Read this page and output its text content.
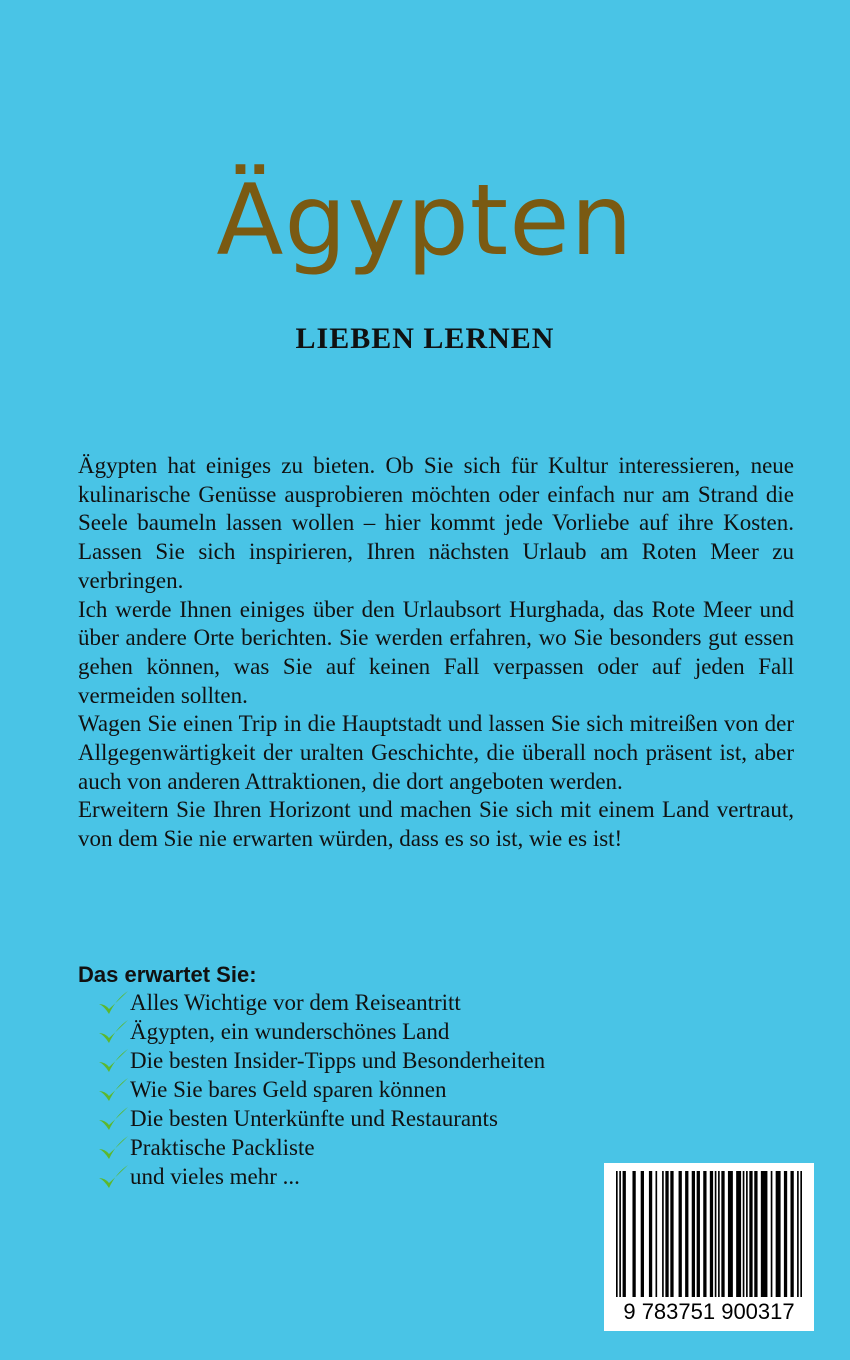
Ägypten
LIEBEN LERNEN

Ägypten hat einiges zu bieten. Ob Sie sich für Kultur interessieren, neue kulinarische Genüsse ausprobieren möchten oder einfach nur am Strand die Seele baumeln lassen wollen – hier kommt jede Vorliebe auf ihre Kosten. Lassen Sie sich inspirieren, Ihren nächsten Urlaub am Roten Meer zu verbringen.

Ich werde Ihnen einiges über den Urlaubsort Hurghada, das Rote Meer und über andere Orte berichten. Sie werden erfahren, wo Sie besonders gut essen gehen können, was Sie auf keinen Fall verpassen oder auf jeden Fall vermeiden sollten.

Wagen Sie einen Trip in die Hauptstadt und lassen Sie sich mitreißen von der Allgegenwärtigkeit der uralten Geschichte, die überall noch präsent ist, aber auch von anderen Attraktionen, die dort angeboten werden.

Erweitern Sie Ihren Horizont und machen Sie sich mit einem Land vertraut, von dem Sie nie erwarten würden, dass es so ist, wie es ist!

Das erwartet Sie:
Alles Wichtige vor dem Reiseantritt
Ägypten, ein wunderschönes Land
Die besten Insider-Tipps und Besonderheiten
Wie Sie bares Geld sparen können
Die besten Unterkünfte und Restaurants
Praktische Packliste
und vieles mehr ...
9 783751 900317
